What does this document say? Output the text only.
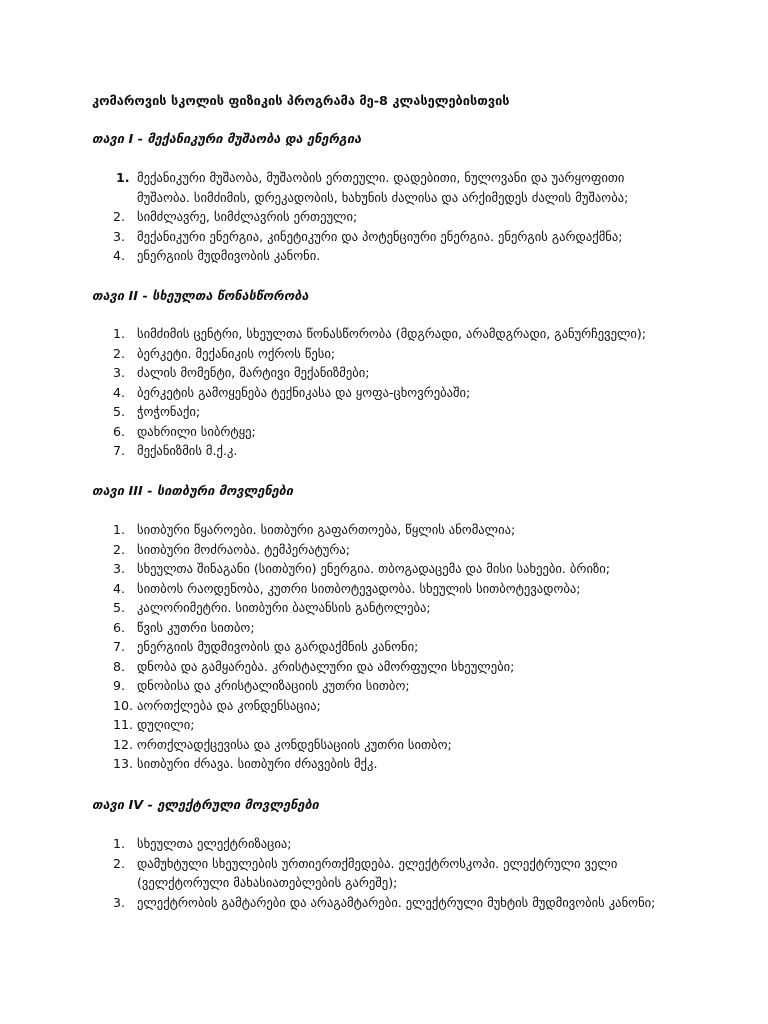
კომაროვის სკოლის ფიზიკის პროგრამა მე-8 კლასელებისთვის
თავი I - მექანიკური მუშაობა და ენერგია
1. მექანიკური მუშაობა, მუშაობის ერთეული. დადებითი, ნულოვანი და უარყოფითი
მუშაობა. სიმძიმის, დრეკადობის, ხახუნის ძალისა და არქიმედეს ძალის მუშაობა;
2. სიმძლავრე, სიმძლავრის ერთეული;
3. მექანიკური ენერგია, კინეტიკური და პოტენციური ენერგია. ენერგის გარდაქმნა;
4. ენერგიის მუდმივობის კანონი.
თავი II - სხეულთა წონასწორობა
1. სიმძიმის ცენტრი, სხეულთა წონასწორობა (მდგრადი, არამდგრადი, განურჩეველი);
2. ბერკეტი. მექანიკის ოქროს წესი;
3. ძალის მომენტი, მარტივი მექანიზმები;
4. ბერკეტის გამოყენება ტექნიკასა და ყოფა-ცხოვრებაში;
5. ჭოჭონაქი;
6. დახრილი სიბრტყე;
7. მექანიზმის მ.ქ.კ.
თავი III - სითბური მოვლენები
1. სითბური წყაროები. სითბური გაფართოება, წყლის ანომალია;
2. სითბური მოძრაობა. ტემპერატურა;
3. სხეულთა შინაგანი (სითბური) ენერგია. თბოგადაცემა და მისი სახეები. ბრიზი;
4. სითბოს რაოდენობა, კუთრი სითბოტევადობა. სხეულის სითბოტევადობა;
5. კალორიმეტრი. სითბური ბალანსის განტოლება;
6. წვის კუთრი სითბო;
7. ენერგიის მუდმივობის და გარდაქმნის კანონი;
8. დნობა და გამყარება. კრისტალური და ამორფული სხეულები;
9. დნობისა და კრისტალიზაციის კუთრი სითბო;
10. აორთქლება და კონდენსაცია;
11. დუღილი;
12. ორთქლადქცევისა და კონდენსაციის კუთრი სითბო;
13. სითბური ძრავა. სითბური ძრავების მქკ.
თავი IV - ელექტრული მოვლენები
1. სხეულთა ელექტრიზაცია;
2. დამუხტული სხეულების ურთიერთქმედება. ელექტროსკოპი. ელექტრული ველი
(ველქტორული მახასიათებლების გარეშე);
3. ელექტრობის გამტარები და არაგამტარები. ელექტრული მუხტის მუდმივობის კანონი;
